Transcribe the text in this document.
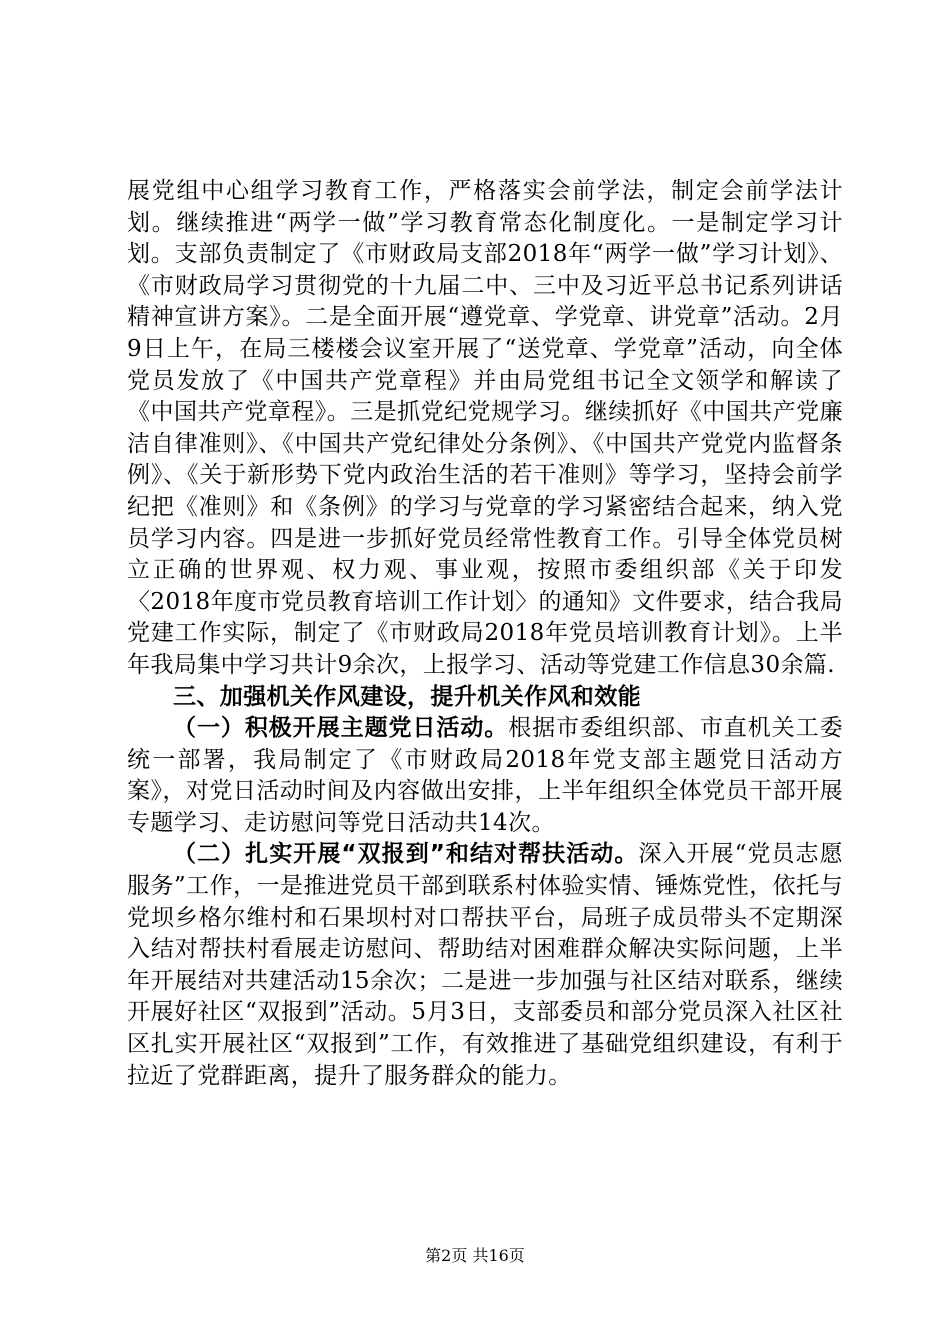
展党组中心组学习教育工作，严格落实会前学法，制定会前学法计划。继续推进“两学一做”学习教育常态化制度化。一是制定学习计划。支部负责制定了《市财政局支部2018年“两学一做”学习计划》、《市财政局学习贯彻党的十九届二中、三中及习近平总书记系列讲话精神宣讲方案》。二是全面开展“遵党章、学党章、讲党章”活动。2月9日上午，在局三楼楼会议室开展了“送党章、学党章”活动，向全体党员发放了《中国共产党章程》并由局党组书记全文领学和解读了《中国共产党章程》。三是抓党纪党规学习。继续抓好《中国共产党廉洁自律准则》、《中国共产党纪律处分条例》、《中国共产党党内监督条例》、《关于新形势下党内政治生活的若干准则》等学习，坚持会前学纪把《准则》和《条例》的学习与党章的学习紧密结合起来，纳入党员学习内容。四是进一步抓好党员经常性教育工作。引导全体党员树立正确的世界观、权力观、事业观，按照市委组织部《关于印发〈2018年度市党员教育培训工作计划〉的通知》文件要求，结合我局党建工作实际，制定了《市财政局2018年党员培训教育计划》。上半年我局集中学习共计9余次，上报学习、活动等党建工作信息30余篇.

三、加强机关作风建设，提升机关作风和效能

（一）积极开展主题党日活动。根据市委组织部、市直机关工委统一部署，我局制定了《市财政局2018年党支部主题党日活动方案》，对党日活动时间及内容做出安排，上半年组织全体党员干部开展专题学习、走访慰问等党日活动共14次。

（二）扎实开展“双报到”和结对帮扶活动。深入开展“党员志愿服务”工作，一是推进党员干部到联系村体验实情、锤炼党性，依托与党坝乡格尔维村和石果坝村对口帮扶平台，局班子成员带头不定期深入结对帮扶村看展走访慰问、帮助结对困难群众解决实际问题，上半年开展结对共建活动15余次；二是进一步加强与社区结对联系，继续开展好社区“双报到”活动。5月3日，支部委员和部分党员深入社区社区扎实开展社区“双报到”工作，有效推进了基础党组织建设，有利于拉近了党群距离，提升了服务群众的能力。

第2页 共16页
